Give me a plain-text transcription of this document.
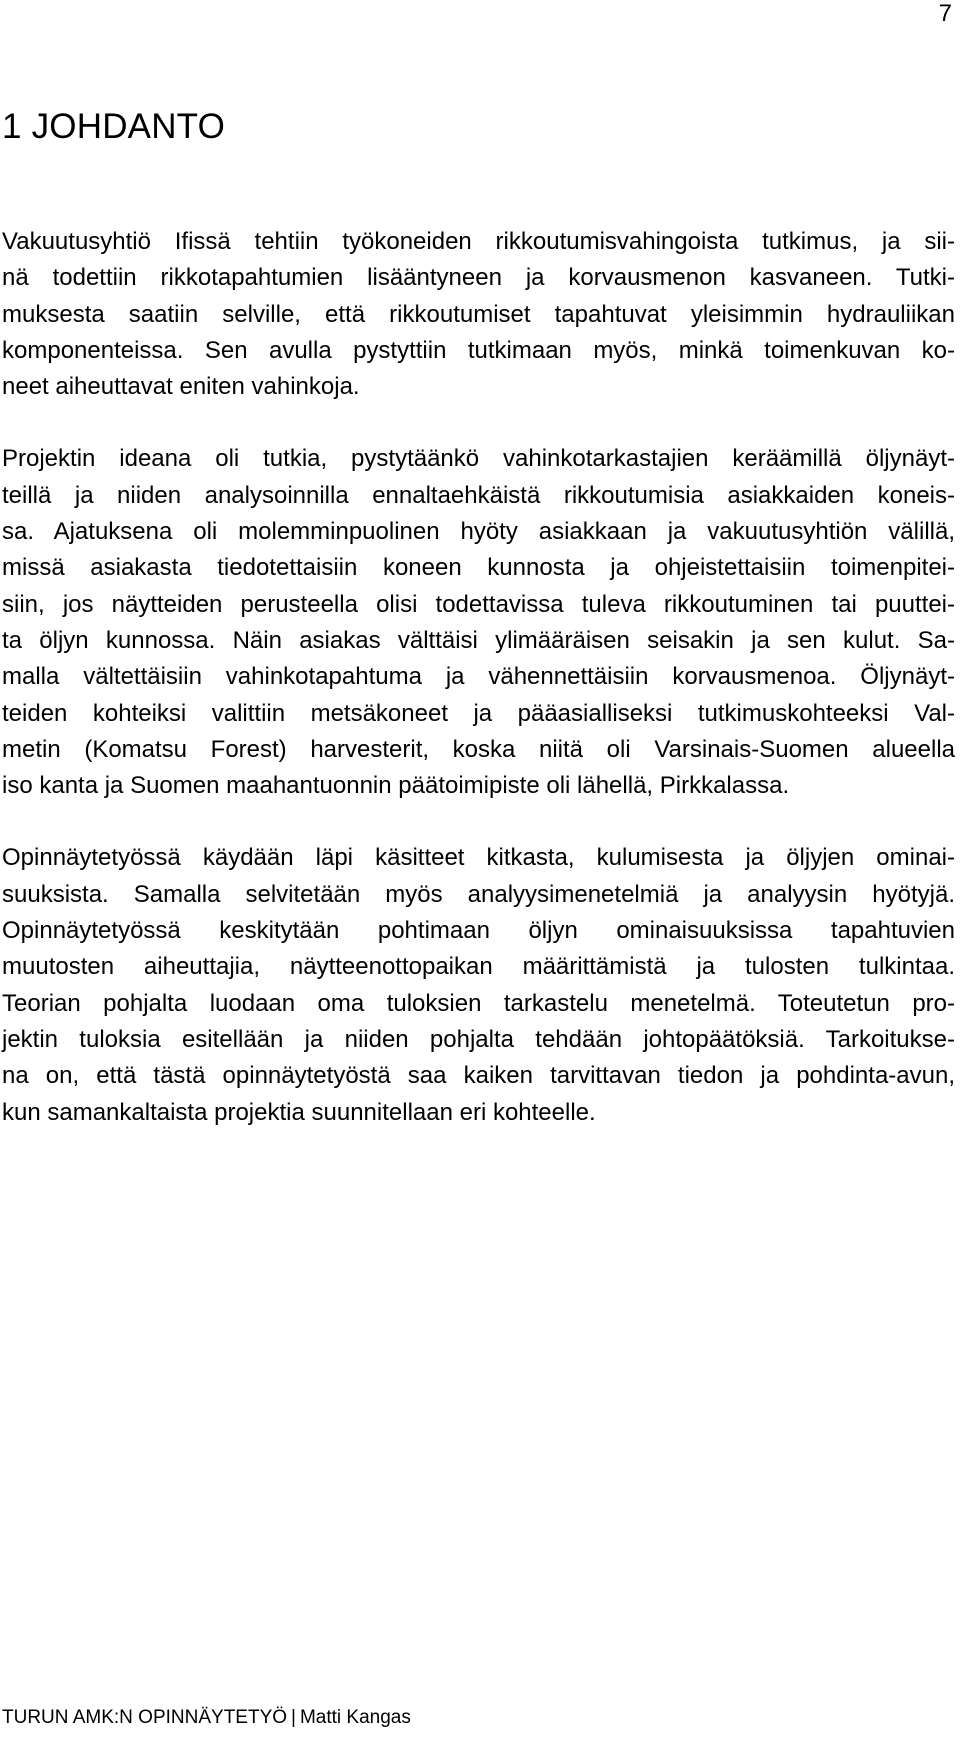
7
1 JOHDANTO

Vakuutusyhtiö Ifissä tehtiin työkoneiden rikkoutumisvahingoista tutkimus, ja sii-
nä todettiin rikkotapahtumien lisääntyneen ja korvausmenon kasvaneen. Tutki-
muksesta saatiin selville, että rikkoutumiset tapahtuvat yleisimmin hydrauliikan
komponenteissa. Sen avulla pystyttiin tutkimaan myös, minkä toimenkuvan ko-
neet aiheuttavat eniten vahinkoja.

Projektin ideana oli tutkia, pystytäänkö vahinkotarkastajien keräämillä öljynäyt-
teillä ja niiden analysoinnilla ennaltaehkäistä rikkoutumisia asiakkaiden koneis-
sa. Ajatuksena oli molemminpuolinen hyöty asiakkaan ja vakuutusyhtiön välillä,
missä asiakasta tiedotettaisiin koneen kunnosta ja ohjeistettaisiin toimenpitei-
siin, jos näytteiden perusteella olisi todettavissa tuleva rikkoutuminen tai puuttei-
ta öljyn kunnossa. Näin asiakas välttäisi ylimääräisen seisakin ja sen kulut. Sa-
malla vältettäisiin vahinkotapahtuma ja vähennettäisiin korvausmenoa. Öljynäyt-
teiden kohteiksi valittiin metsäkoneet ja pääasialliseksi tutkimuskohteeksi Val-
metin (Komatsu Forest) harvesterit, koska niitä oli Varsinais-Suomen alueella
iso kanta ja Suomen maahantuonnin päätoimipiste oli lähellä, Pirkkalassa.

Opinnäytetyössä käydään läpi käsitteet kitkasta, kulumisesta ja öljyjen ominai-
suuksista. Samalla selvitetään myös analyysimenetelmiä ja analyysin hyötyjä.
Opinnäytetyössä keskitytään pohtimaan öljyn ominaisuuksissa tapahtuvien
muutosten aiheuttajia, näytteenottopaikan määrittämistä ja tulosten tulkintaa.
Teorian pohjalta luodaan oma tuloksien tarkastelu menetelmä. Toteutetun pro-
jektin tuloksia esitellään ja niiden pohjalta tehdään johtopäätöksiä. Tarkoitukse-
na on, että tästä opinnäytetyöstä saa kaiken tarvittavan tiedon ja pohdinta-avun,
kun samankaltaista projektia suunnitellaan eri kohteelle.

TURUN AMK:N OPINNÄYTETYÖ | Matti Kangas
